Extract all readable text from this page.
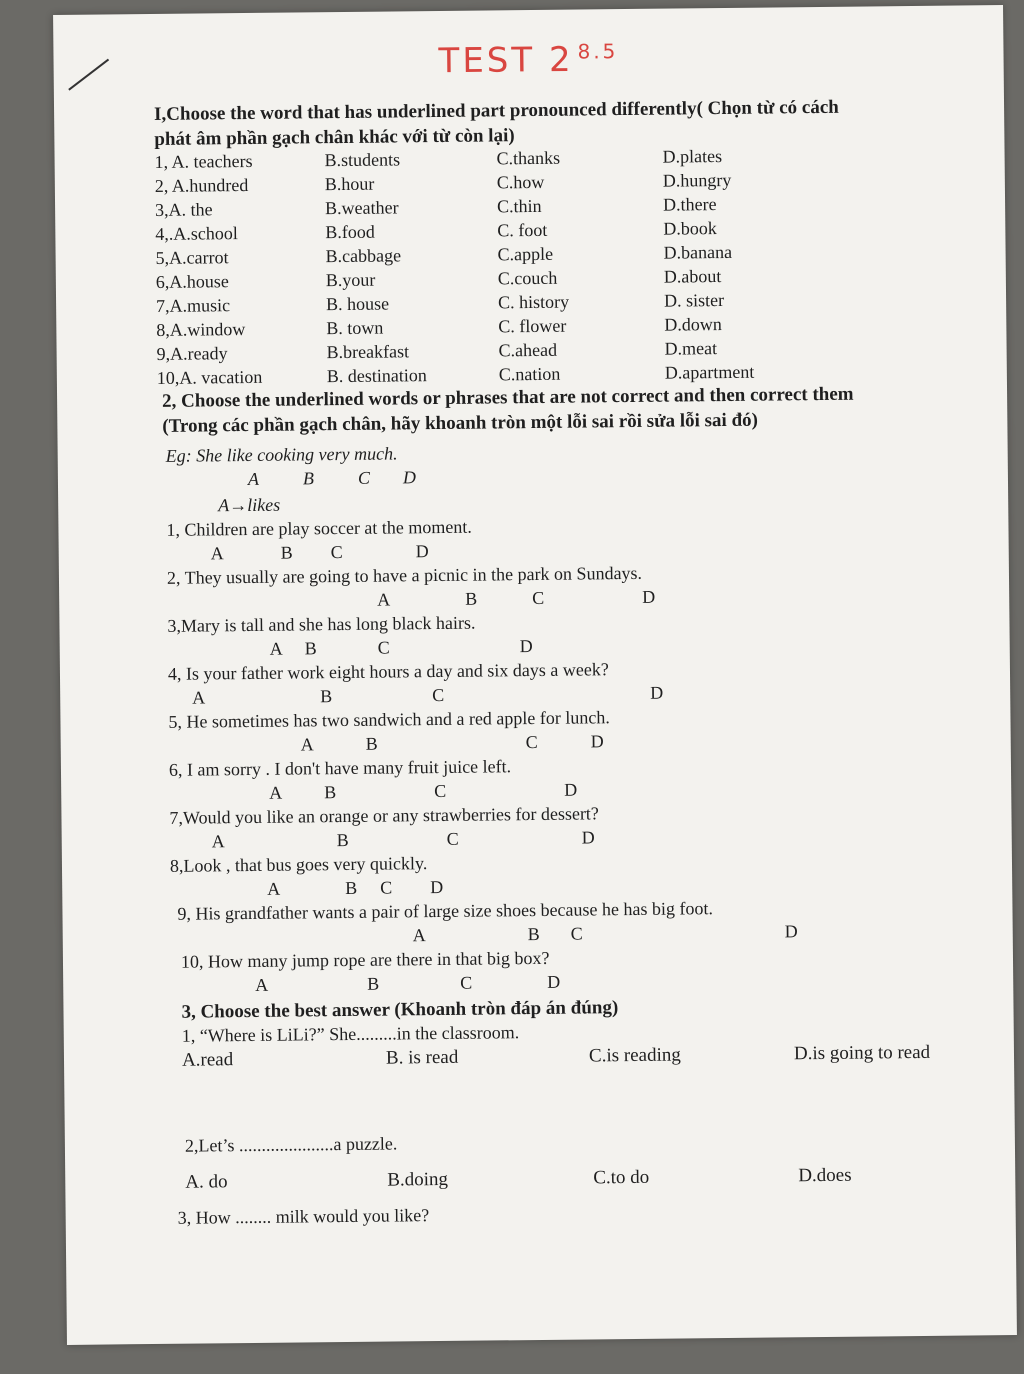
TEST 2 $^{8.5}$
I,Choose the word that has underlined part pronounced differently( Chọn từ có cách
phát âm phần gạch chân khác với từ còn lại)
1, A. teachers	B.students	C.thanks	D.plates
2, A.hundred	B.hour	C.how	D.hungry
3,A. the	B.weather	C.thin	D.there
4,.A.school	B.food	C. foot	D.book
5,A.carrot	B.cabbage	C.apple	D.banana
6,A.house	B.your	C.couch	D.about
7,A.music	B. house	C. history	D. sister
8,A.window	B. town	C. flower	D.down
9,A.ready	B.breakfast	C.ahead	D.meat
10,A. vacation	B. destination	C.nation	D.apartment
2, Choose the underlined words or phrases that are not correct and then correct them
(Trong các phần gạch chân, hãy khoanh tròn một lỗi sai rồi sửa lỗi sai đó)
Eg: She like cooking very much.
A B C D
A→likes
1, Children are play soccer at the moment.
A	B C	D
2, They usually are going to have a picnic in the park on Sundays.
A	B	C	D
3,Mary is tall and she has long black hairs.
A B	C	D
4, Is your father work eight hours a day and six days a week?
A	B	C	D
5, He sometimes has two sandwich and a red apple for lunch.
A	B	C	D
6, I am sorry . I don't have many fruit juice left.
A B	C	D
7,Would you like an orange or any strawberries for dessert?
A	B	C	D
8,Look , that bus goes very quickly.
A	B C D
9, His grandfather wants a pair of large size shoes because he has big foot.
A	B C	D
10, How many jump rope are there in that big box?
A	B	C	D
3, Choose the best answer (Khoanh tròn đáp án đúng)
1, “Where is LiLi?” She.........in the classroom.
A.read	B. is read	C.is reading	D.is going to read
2,Let’s .....................a puzzle.
A. do	B.doing	C.to do	D.does
3, How ........ milk would you like?
